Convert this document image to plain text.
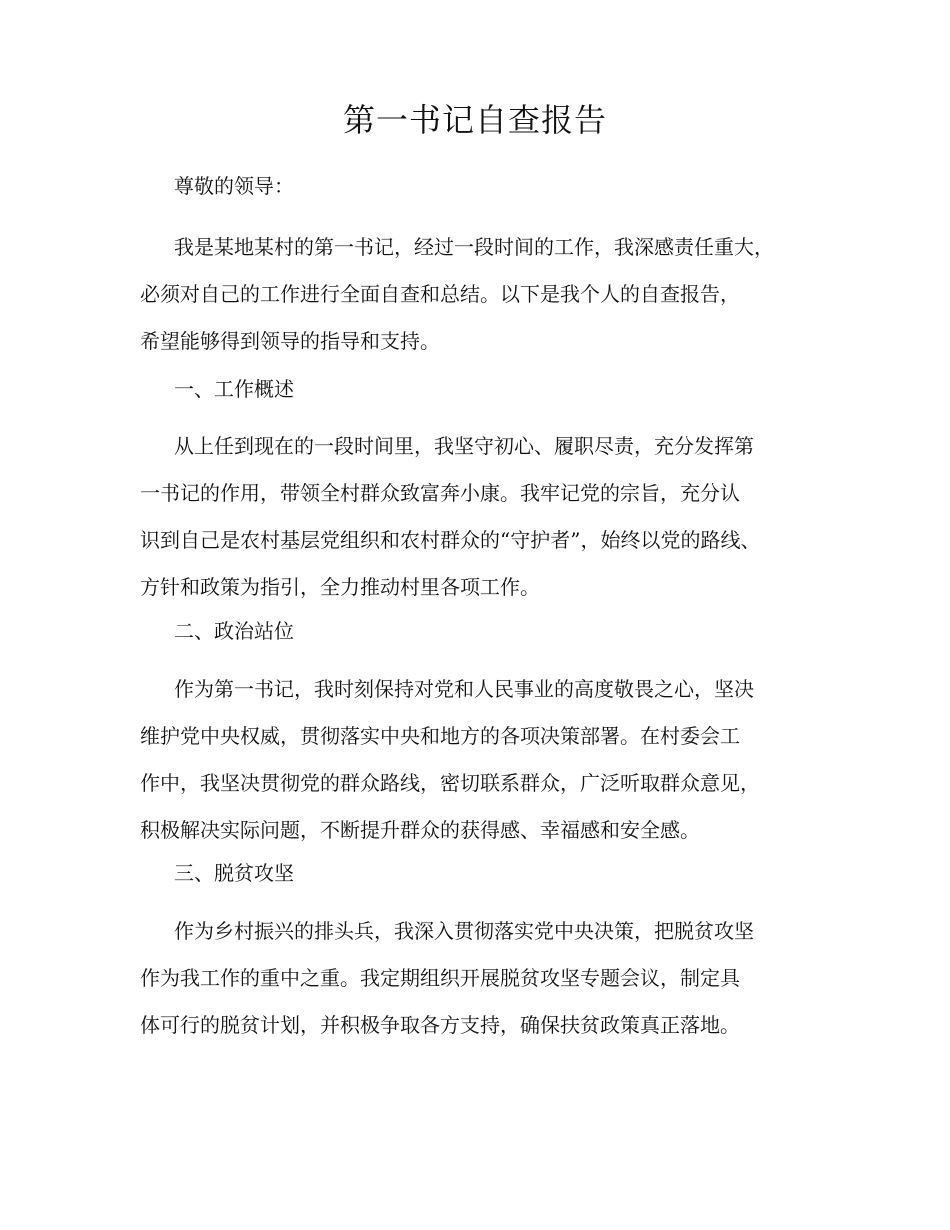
第一书记自查报告
尊敬的领导：
我是某地某村的第一书记，经过一段时间的工作，我深感责任重大，
必须对自己的工作进行全面自查和总结。以下是我个人的自查报告，
希望能够得到领导的指导和支持。
一、工作概述
从上任到现在的一段时间里，我坚守初心、履职尽责，充分发挥第
一书记的作用，带领全村群众致富奔小康。我牢记党的宗旨，充分认
识到自己是农村基层党组织和农村群众的“守护者”，始终以党的路线、
方针和政策为指引，全力推动村里各项工作。
二、政治站位
作为第一书记，我时刻保持对党和人民事业的高度敬畏之心，坚决
维护党中央权威，贯彻落实中央和地方的各项决策部署。在村委会工
作中，我坚决贯彻党的群众路线，密切联系群众，广泛听取群众意见，
积极解决实际问题，不断提升群众的获得感、幸福感和安全感。
三、脱贫攻坚
作为乡村振兴的排头兵，我深入贯彻落实党中央决策，把脱贫攻坚
作为我工作的重中之重。我定期组织开展脱贫攻坚专题会议，制定具
体可行的脱贫计划，并积极争取各方支持，确保扶贫政策真正落地。
